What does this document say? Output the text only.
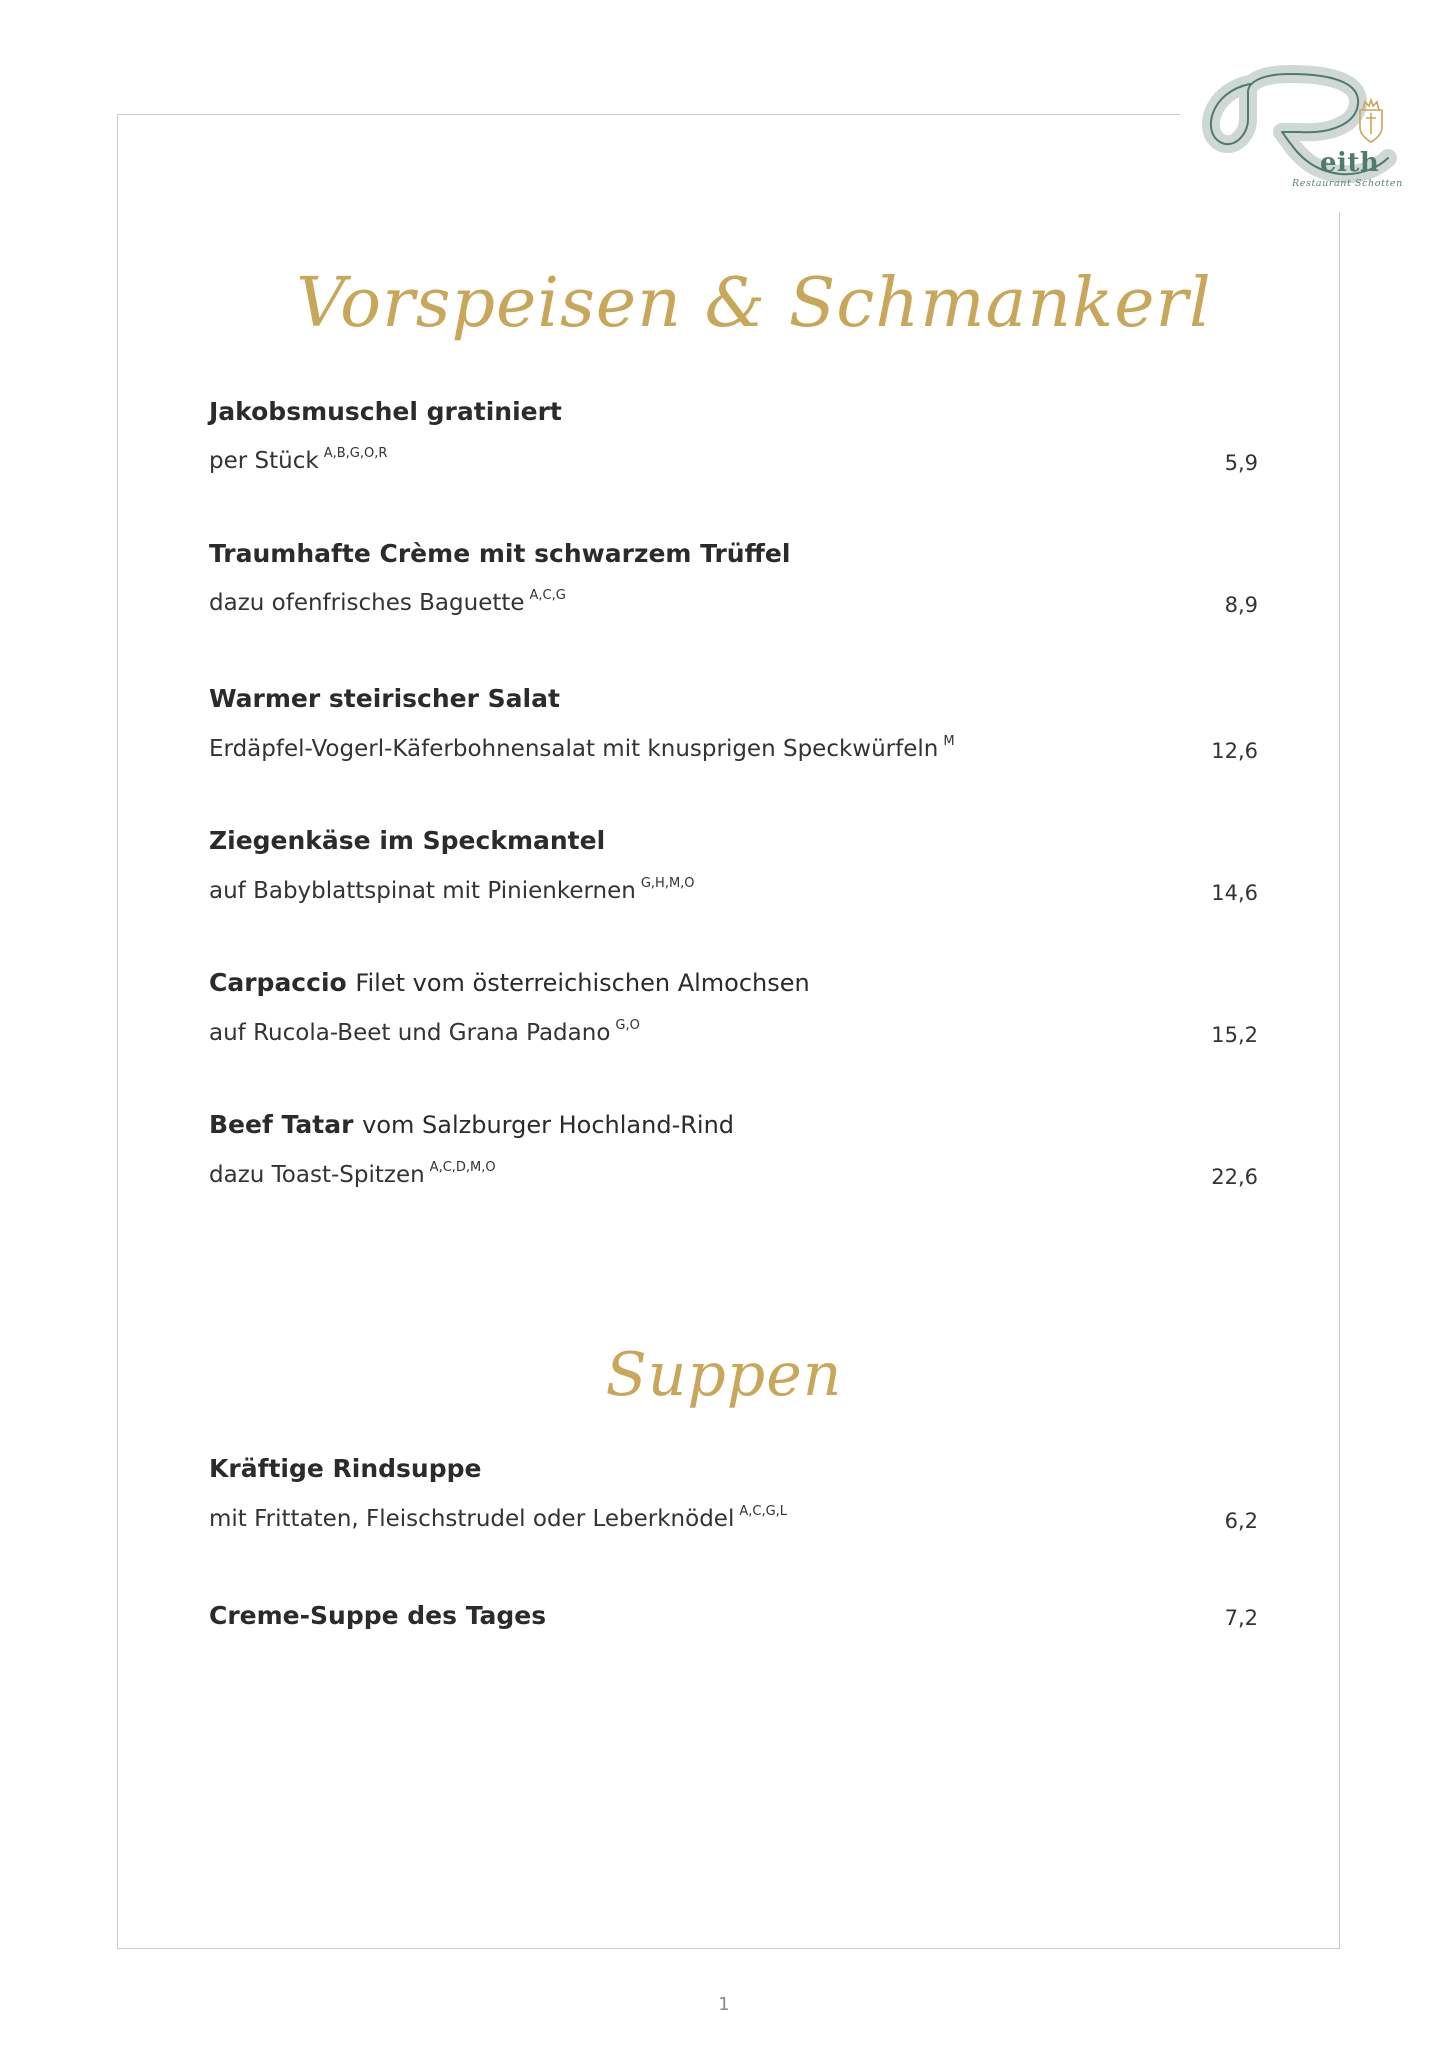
eith
Restaurant Schotten
Vorspeisen & Schmankerl
Jakobsmuschel gratiniert
per Stück $^{A,B,G,O,R}$	5,9
Traumhafte Crème mit schwarzem Trüffel
dazu ofenfrisches Baguette $^{A,C,G}$	8,9
Warmer steirischer Salat
Erdäpfel-Vogerl-Käferbohnensalat mit knusprigen Speckwürfeln $^M$	12,6
Ziegenkäse im Speckmantel
auf Babyblattspinat mit Pinienkernen $^{G,H,M,O}$	14,6
Carpaccio Filet vom österreichischen Almochsen
auf Rucola-Beet und Grana Padano $^{G,O}$	15,2
Beef Tatar vom Salzburger Hochland-Rind
dazu Toast-Spitzen $^{A,C,D,M,O}$	22,6
Suppen
Kräftige Rindsuppe
mit Frittaten, Fleischstrudel oder Leberknödel $^{A,C,G,L}$	6,2
Creme-Suppe des Tages	7,2
1
